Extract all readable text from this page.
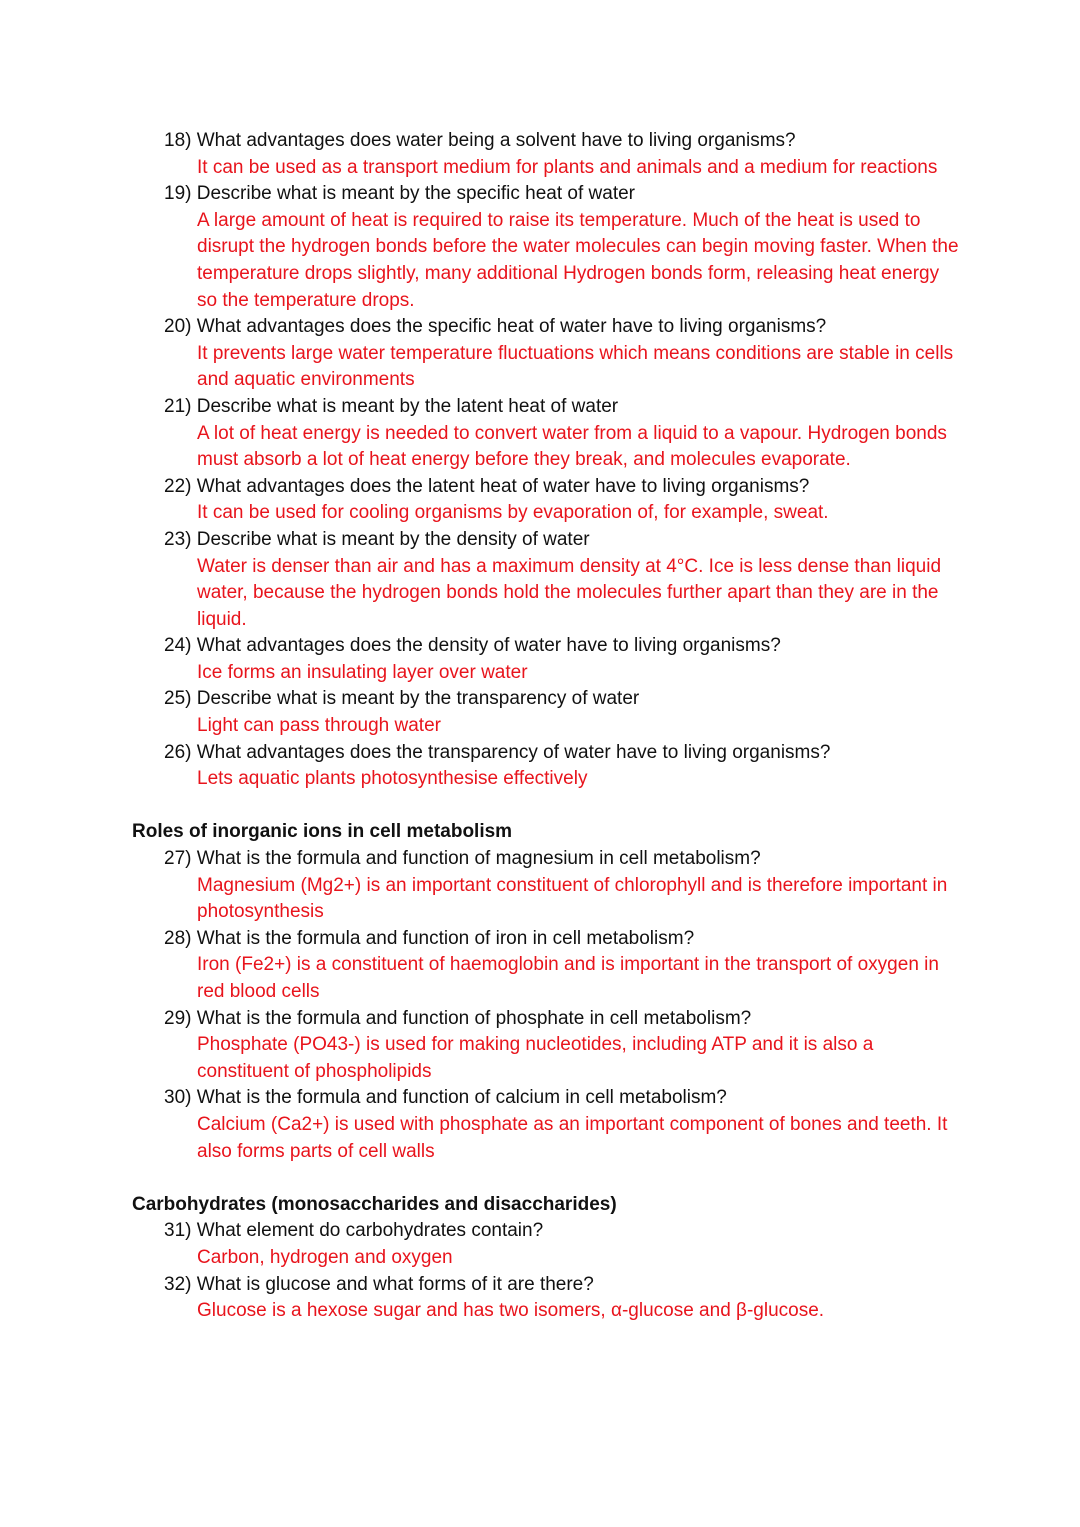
18) What advantages does water being a solvent have to living organisms?
It can be used as a transport medium for plants and animals and a medium for reactions
19) Describe what is meant by the specific heat of water
A large amount of heat is required to raise its temperature. Much of the heat is used to disrupt the hydrogen bonds before the water molecules can begin moving faster. When the temperature drops slightly, many additional Hydrogen bonds form, releasing heat energy so the temperature drops.
20) What advantages does the specific heat of water have to living organisms?
It prevents large water temperature fluctuations which means conditions are stable in cells and aquatic environments
21) Describe what is meant by the latent heat of water
A lot of heat energy is needed to convert water from a liquid to a vapour. Hydrogen bonds must absorb a lot of heat energy before they break, and molecules evaporate.
22) What advantages does the latent heat of water have to living organisms?
It can be used for cooling organisms by evaporation of, for example, sweat.
23) Describe what is meant by the density of water
Water is denser than air and has a maximum density at 4°C. Ice is less dense than liquid water, because the hydrogen bonds hold the molecules further apart than they are in the liquid.
24) What advantages does the density of water have to living organisms?
Ice forms an insulating layer over water
25) Describe what is meant by the transparency of water
Light can pass through water
26) What advantages does the transparency of water have to living organisms?
Lets aquatic plants photosynthesise effectively
Roles of inorganic ions in cell metabolism
27) What is the formula and function of magnesium in cell metabolism?
Magnesium (Mg2+) is an important constituent of chlorophyll and is therefore important in photosynthesis
28) What is the formula and function of iron in cell metabolism?
Iron (Fe2+) is a constituent of haemoglobin and is important in the transport of oxygen in red blood cells
29) What is the formula and function of phosphate in cell metabolism?
Phosphate (PO43-) is used for making nucleotides, including ATP and it is also a constituent of phospholipids
30) What is the formula and function of calcium in cell metabolism?
Calcium (Ca2+) is used with phosphate as an important component of bones and teeth. It also forms parts of cell walls
Carbohydrates (monosaccharides and disaccharides)
31) What element do carbohydrates contain?
Carbon, hydrogen and oxygen
32) What is glucose and what forms of it are there?
Glucose is a hexose sugar and has two isomers, α-glucose and β-glucose.
